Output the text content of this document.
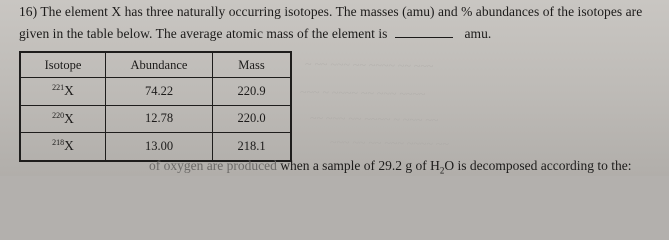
~ ~~ ~~~ ~~ ~~~~ ~~ ~~~
~~~ ~ ~~~~ ~~ ~~~ ~~~~
~~ ~~~ ~~ ~~~~ ~ ~~~ ~~
~~~ ~~ ~~ ~~~ ~~~~ ~~
16) The element X has three naturally occurring isotopes. The masses (amu) and % abundances of the isotopes are
given in the table below. The average atomic mass of the element is	amu.
Isotope	Abundance	Mass
$^{221}$X	74.22	220.9
$^{220}$X	12.78	220.0
$^{218}$X	13.00	218.1
of oxygen are produced when a sample of 29.2 g of $H_2O$ is decomposed according to the:
